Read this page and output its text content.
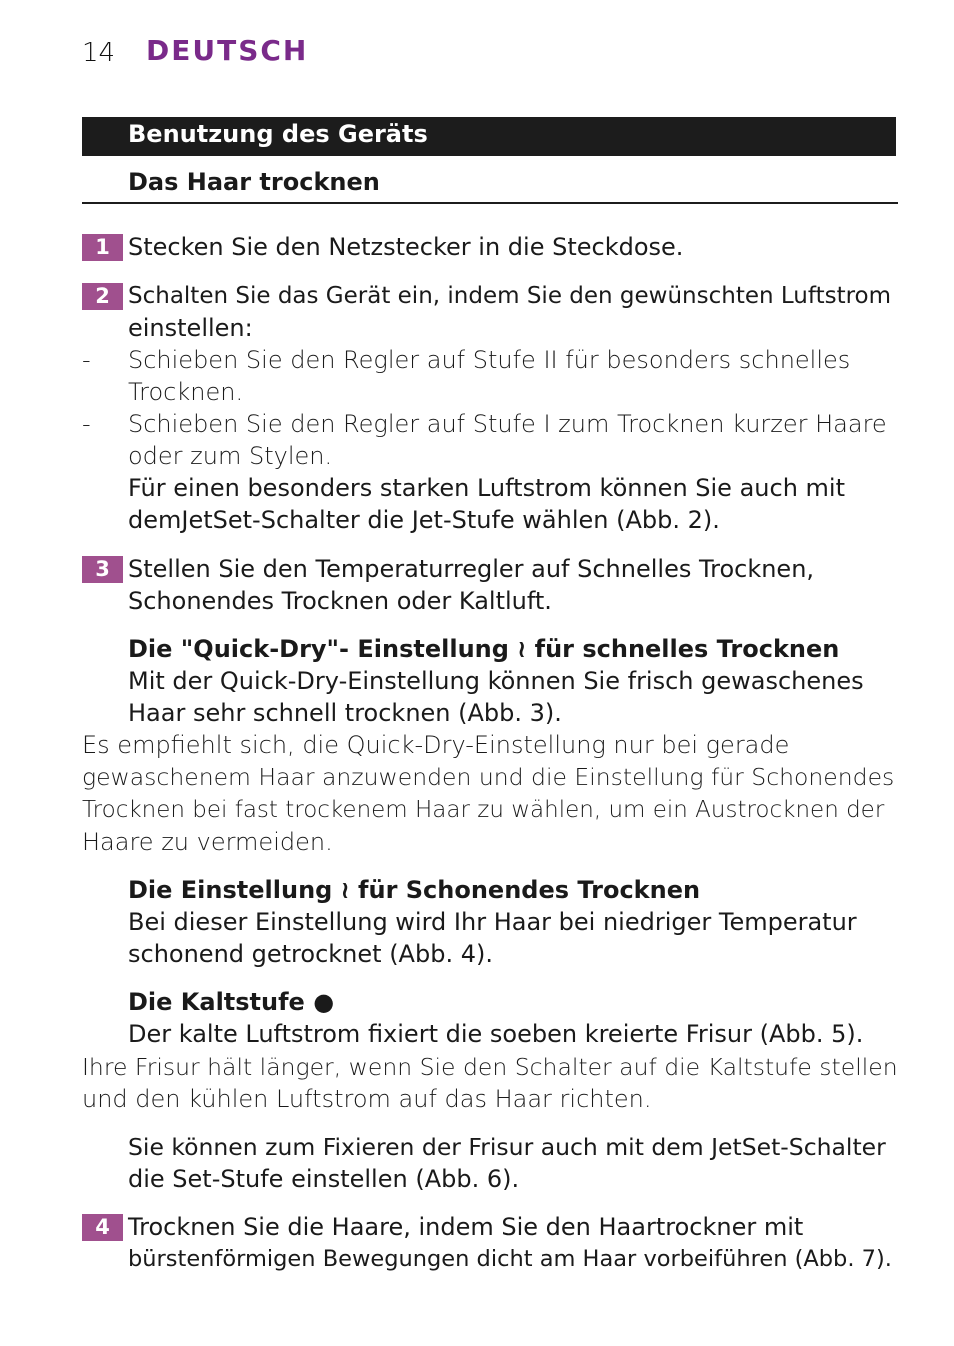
14 DEUTSCH
Benutzung des Geräts
Das Haar trocknen
1 Stecken Sie den Netzstecker in die Steckdose.
2 Schalten Sie das Gerät ein, indem Sie den gewünschten Luftstrom
einstellen:
- Schieben Sie den Regler auf Stufe II für besonders schnelles
Trocknen.
- Schieben Sie den Regler auf Stufe I zum Trocknen kurzer Haare
oder zum Stylen.
Für einen besonders starken Luftstrom können Sie auch mit
demJetSet-Schalter die Jet-Stufe wählen (Abb. 2).
3 Stellen Sie den Temperaturregler auf Schnelles Trocknen,
Schonendes Trocknen oder Kaltluft.
Die "Quick-Dry"- Einstellung ≀ für schnelles Trocknen
Mit der Quick-Dry-Einstellung können Sie frisch gewaschenes
Haar sehr schnell trocknen (Abb. 3).
Es empfiehlt sich, die Quick-Dry-Einstellung nur bei gerade
gewaschenem Haar anzuwenden und die Einstellung für Schonendes
Trocknen bei fast trockenem Haar zu wählen, um ein Austrocknen der
Haare zu vermeiden.
Die Einstellung ≀ für Schonendes Trocknen
Bei dieser Einstellung wird Ihr Haar bei niedriger Temperatur
schonend getrocknet (Abb. 4).
Die Kaltstufe ●
Der kalte Luftstrom fixiert die soeben kreierte Frisur (Abb. 5).
Ihre Frisur hält länger, wenn Sie den Schalter auf die Kaltstufe stellen
und den kühlen Luftstrom auf das Haar richten.
Sie können zum Fixieren der Frisur auch mit dem JetSet-Schalter
die Set-Stufe einstellen (Abb. 6).
4 Trocknen Sie die Haare, indem Sie den Haartrockner mit
bürstenförmigen Bewegungen dicht am Haar vorbeiführen (Abb. 7).
